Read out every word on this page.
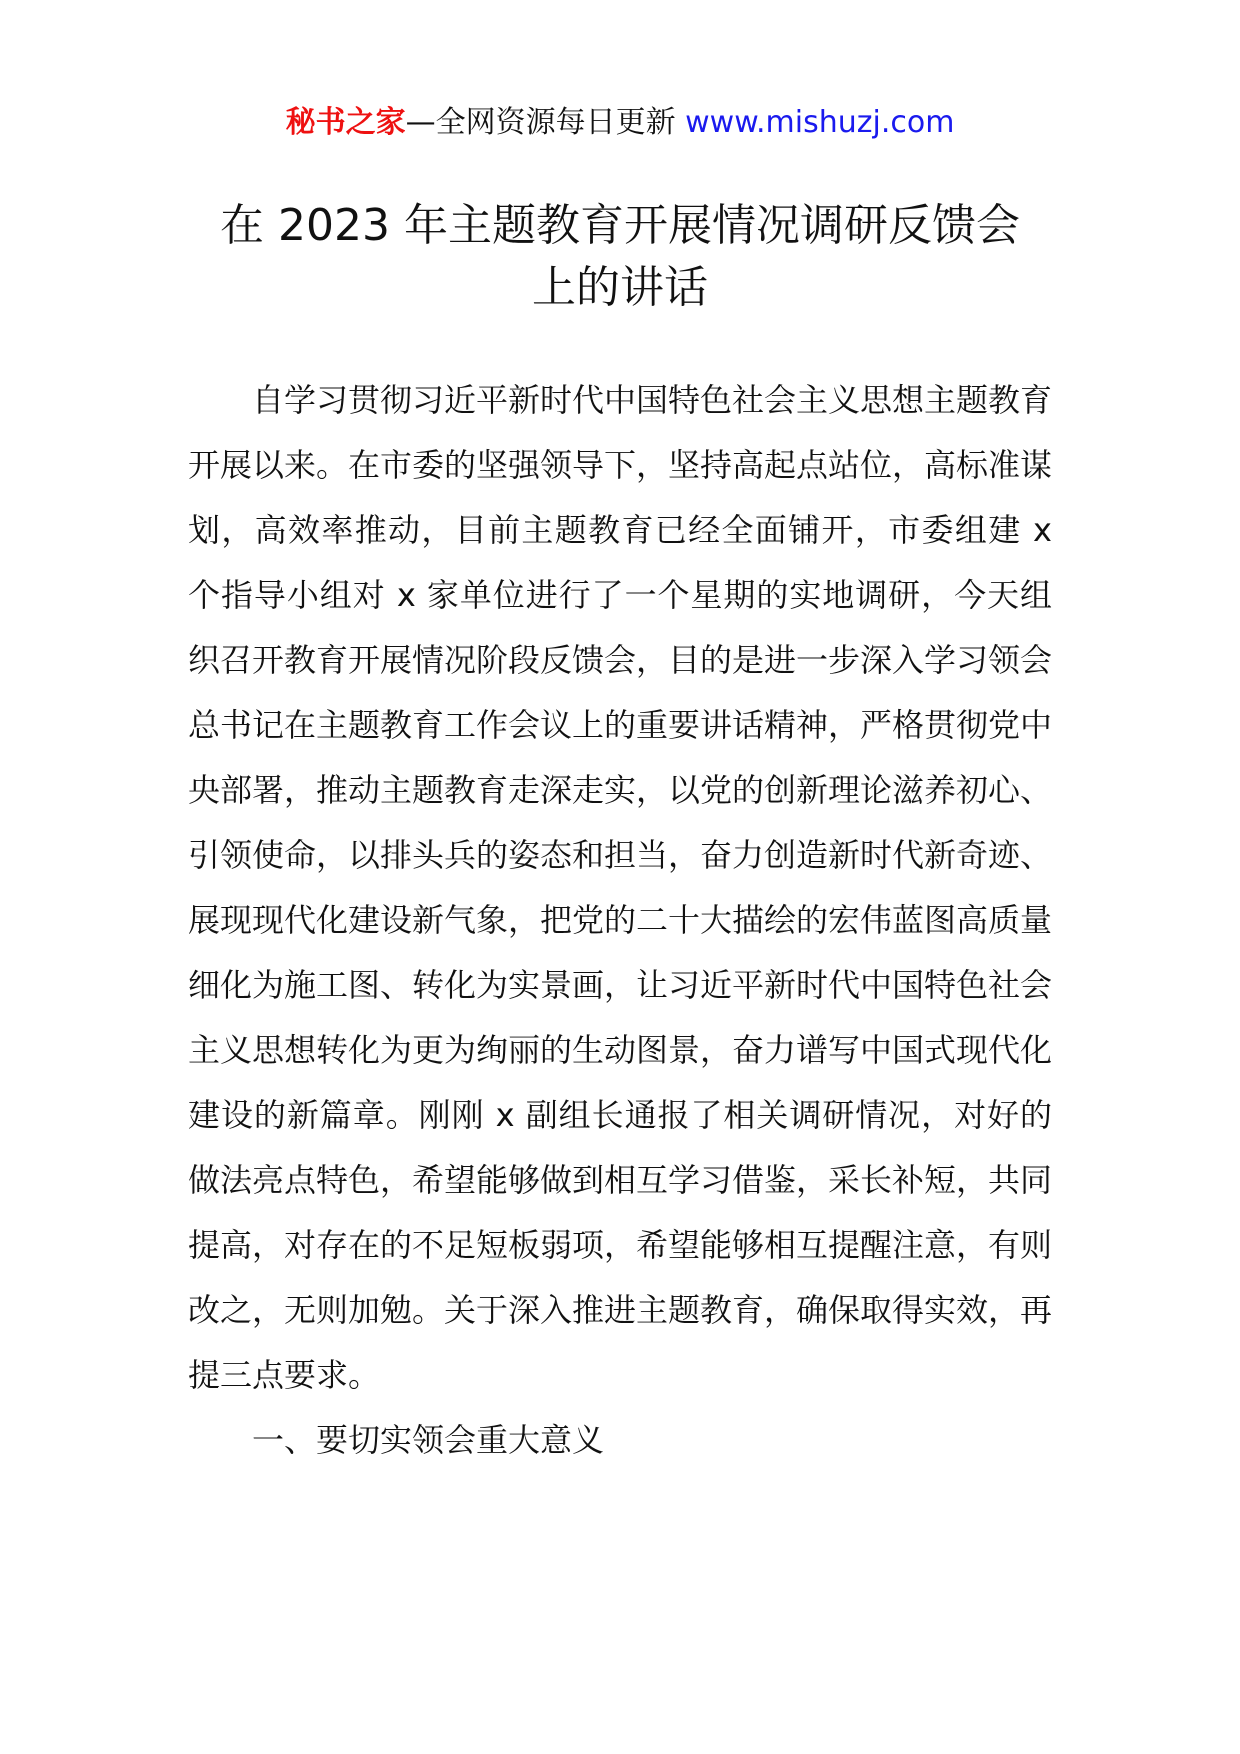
秘书之家—全网资源每日更新 www.mishuzj.com
在 2023 年主题教育开展情况调研反馈会
上的讲话

自学习贯彻习近平新时代中国特色社会主义思想主题教育开展以来。在市委的坚强领导下，坚持高起点站位，高标准谋划，高效率推动，目前主题教育已经全面铺开，市委组建 x 个指导小组对 x 家单位进行了一个星期的实地调研，今天组织召开教育开展情况阶段反馈会，目的是进一步深入学习领会总书记在主题教育工作会议上的重要讲话精神，严格贯彻党中央部署，推动主题教育走深走实，以党的创新理论滋养初心、引领使命，以排头兵的姿态和担当，奋力创造新时代新奇迹、展现现代化建设新气象，把党的二十大描绘的宏伟蓝图高质量细化为施工图、转化为实景画，让习近平新时代中国特色社会主义思想转化为更为绚丽的生动图景，奋力谱写中国式现代化建设的新篇章。刚刚 x 副组长通报了相关调研情况，对好的做法亮点特色，希望能够做到相互学习借鉴，采长补短，共同提高，对存在的不足短板弱项，希望能够相互提醒注意，有则改之，无则加勉。关于深入推进主题教育，确保取得实效，再提三点要求。

一、要切实领会重大意义
